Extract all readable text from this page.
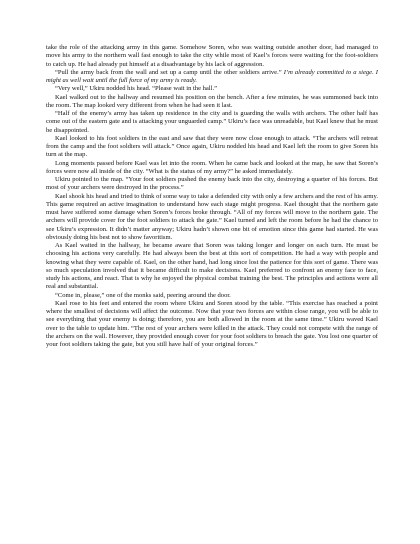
take the role of the attacking army in this game. Somehow Soren, who was waiting outside another door, had managed to move his army to the northern wall fast enough to take the city while most of Kael’s forces were waiting for the foot-soldiers to catch up. He had already put himself at a disadvantage by his lack of aggression.

“Pull the army back from the wall and set up a camp until the other soldiers arrive.” I’m already committed to a siege. I might as well wait until the full force of my army is ready.

“Very well,” Ukiru nodded his head. “Please wait in the hall.”

Kael walked out to the hallway and resumed his position on the bench. After a few minutes, he was summoned back into the room. The map looked very different from when he had seen it last.

“Half of the enemy’s army has taken up residence in the city and is guarding the walls with archers. The other half has come out of the eastern gate and is attacking your unguarded camp.” Ukiru’s face was unreadable, but Kael knew that he must be disappointed.

Kael looked to his foot soldiers in the east and saw that they were now close enough to attack. “The archers will retreat from the camp and the foot soldiers will attack.” Once again, Ukiru nodded his head and Kael left the room to give Soren his turn at the map.

Long moments passed before Kael was let into the room. When he came back and looked at the map, he saw that Soren’s forces were now all inside of the city. “What is the status of my army?” he asked immediately.

Ukiru pointed to the map. “Your foot soldiers pushed the enemy back into the city, destroying a quarter of his forces. But most of your archers were destroyed in the process.”

Kael shook his head and tried to think of some way to take a defended city with only a few archers and the rest of his army. This game required an active imagination to understand how each stage might progress. Kael thought that the northern gate must have suffered some damage when Soren’s forces broke through. “All of my forces will move to the northern gate. The archers will provide cover for the foot soldiers to attack the gate.” Kael turned and left the room before he had the chance to see Ukiru’s expression. It didn’t matter anyway; Ukiru hadn’t shown one bit of emotion since this game had started. He was obviously doing his best not to show favoritism.

As Kael waited in the hallway, he became aware that Soren was taking longer and longer on each turn. He must be choosing his actions very carefully. He had always been the best at this sort of competition. He had a way with people and knowing what they were capable of. Kael, on the other hand, had long since lost the patience for this sort of game. There was so much speculation involved that it became difficult to make decisions. Kael preferred to confront an enemy face to face, study his actions, and react. That is why he enjoyed the physical combat training the best. The principles and actions were all real and substantial.

“Come in, please,” one of the monks said, peering around the door.

Kael rose to his feet and entered the room where Ukiru and Soren stood by the table. “This exercise has reached a point where the smallest of decisions will affect the outcome. Now that your two forces are within close range, you will be able to see everything that your enemy is doing; therefore, you are both allowed in the room at the same time.” Ukiru waved Kael over to the table to update him. “The rest of your archers were killed in the attack. They could not compete with the range of the archers on the wall. However, they provided enough cover for your foot soldiers to breach the gate. You lost one quarter of your foot soldiers taking the gate, but you still have half of your original forces.”
